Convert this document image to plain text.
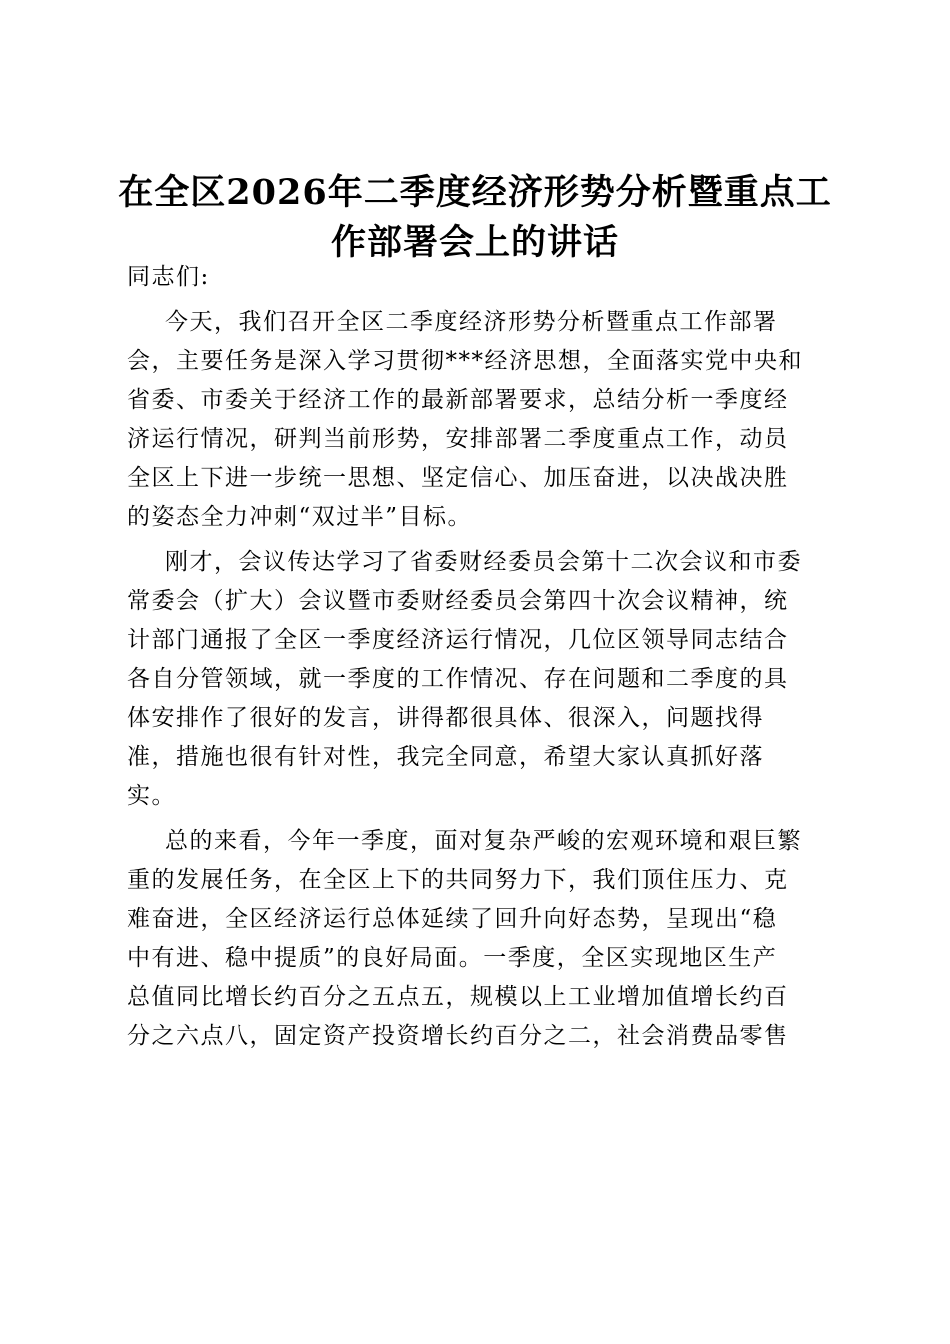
在全区2026年二季度经济形势分析暨重点工
作部署会上的讲话
同志们:
今天，我们召开全区二季度经济形势分析暨重点工作部署
会，主要任务是深入学习贯彻***经济思想，全面落实党中央和
省委、市委关于经济工作的最新部署要求，总结分析一季度经
济运行情况，研判当前形势，安排部署二季度重点工作，动员
全区上下进一步统一思想、坚定信心、加压奋进，以决战决胜
的姿态全力冲刺“双过半”目标。
刚才，会议传达学习了省委财经委员会第十二次会议和市委
常委会（扩大）会议暨市委财经委员会第四十次会议精神，统
计部门通报了全区一季度经济运行情况，几位区领导同志结合
各自分管领域，就一季度的工作情况、存在问题和二季度的具
体安排作了很好的发言，讲得都很具体、很深入，问题找得
准，措施也很有针对性，我完全同意，希望大家认真抓好落
实。
总的来看，今年一季度，面对复杂严峻的宏观环境和艰巨繁
重的发展任务，在全区上下的共同努力下，我们顶住压力、克
难奋进，全区经济运行总体延续了回升向好态势，呈现出“稳
中有进、稳中提质”的良好局面。一季度，全区实现地区生产
总值同比增长约百分之五点五，规模以上工业增加值增长约百
分之六点八，固定资产投资增长约百分之二，社会消费品零售
